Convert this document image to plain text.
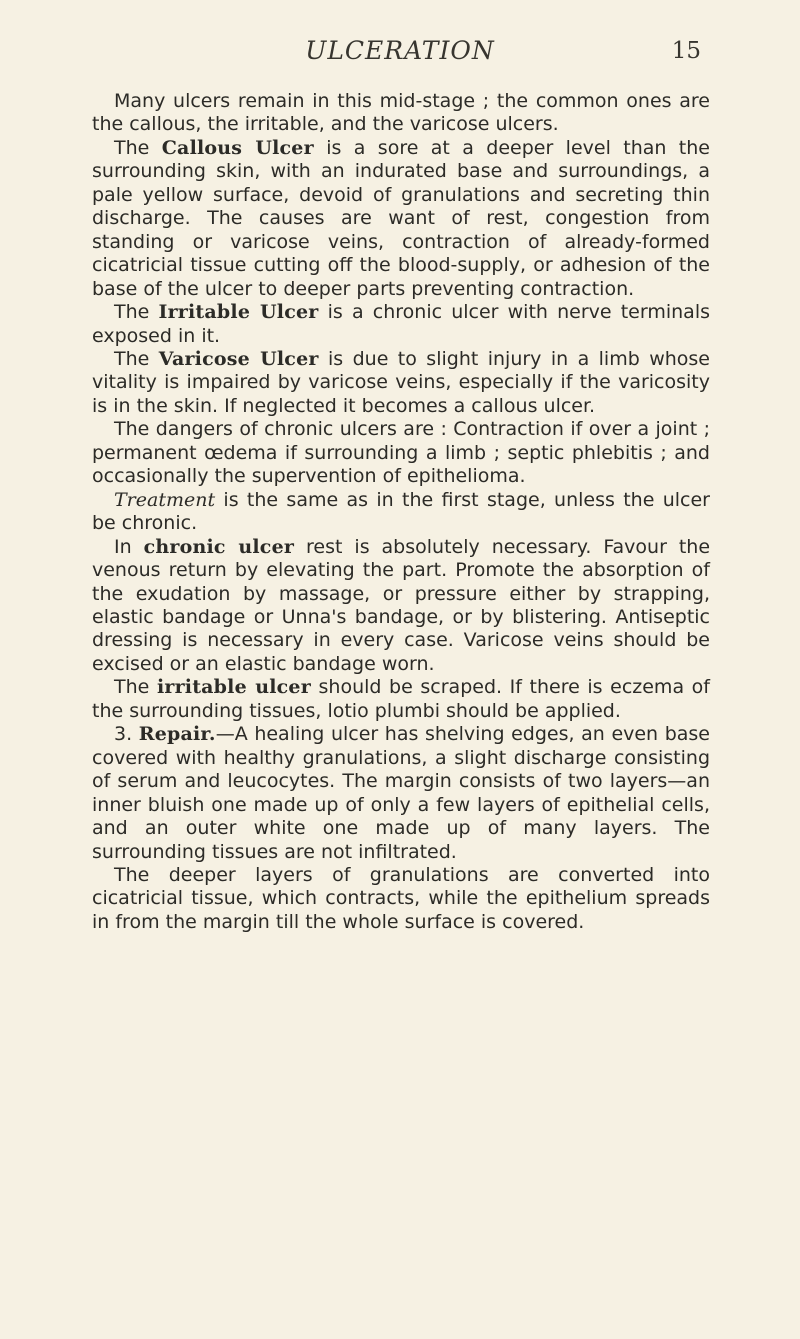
ULCERATION	15

Many ulcers remain in this mid-stage ; the common ones are the callous, the irritable, and the varicose ulcers.

The Callous Ulcer is a sore at a deeper level than the surrounding skin, with an indurated base and surroundings, a pale yellow surface, devoid of granulations and secreting thin discharge. The causes are want of rest, congestion from standing or varicose veins, contraction of already-formed cicatricial tissue cutting off the blood-supply, or adhesion of the base of the ulcer to deeper parts preventing contraction.

The Irritable Ulcer is a chronic ulcer with nerve terminals exposed in it.

The Varicose Ulcer is due to slight injury in a limb whose vitality is impaired by varicose veins, especially if the varicosity is in the skin. If neglected it becomes a callous ulcer.

The dangers of chronic ulcers are : Contraction if over a joint ; permanent œdema if surrounding a limb ; septic phlebitis ; and occasionally the supervention of epithelioma.

Treatment is the same as in the first stage, unless the ulcer be chronic.

In chronic ulcer rest is absolutely necessary. Favour the venous return by elevating the part. Promote the absorption of the exudation by massage, or pressure either by strapping, elastic bandage or Unna's bandage, or by blistering. Antiseptic dressing is necessary in every case. Varicose veins should be excised or an elastic bandage worn.

The irritable ulcer should be scraped. If there is eczema of the surrounding tissues, lotio plumbi should be applied.

3. Repair.—A healing ulcer has shelving edges, an even base covered with healthy granulations, a slight discharge consisting of serum and leucocytes. The margin consists of two layers—an inner bluish one made up of only a few layers of epithelial cells, and an outer white one made up of many layers. The surrounding tissues are not infiltrated.

The deeper layers of granulations are converted into cicatricial tissue, which contracts, while the epithelium spreads in from the margin till the whole surface is covered.
